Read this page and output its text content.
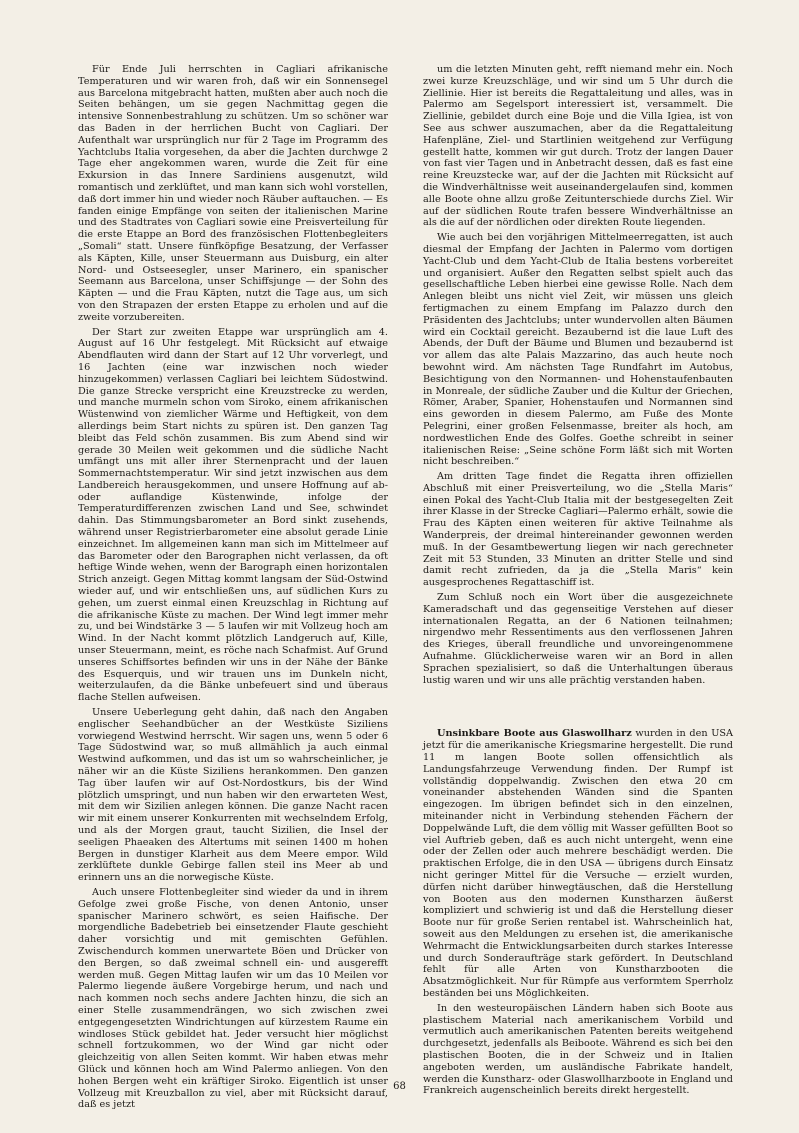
Für Ende Juli herrschten in Cagliari afrikanische Temperaturen und wir waren froh, daß wir ein Sonnensegel aus Barcelona mitgebracht hatten, mußten aber auch noch die Seiten behängen, um sie gegen Nachmittag gegen die intensive Sonnenbestrahlung zu schützen. Um so schöner war das Baden in der herrlichen Bucht von Cagliari. Der Aufenthalt war ursprünglich nur für 2 Tage im Programm des Yachtclubs Italia vorgesehen, da aber die Jachten durchwge 2 Tage eher angekommen waren, wurde die Zeit für eine Exkursion in das Innere Sardiniens ausgenutzt, wild romantisch und zerklüftet, und man kann sich wohl vorstellen, daß dort immer hin und wieder noch Räuber auftauchen. — Es fanden einige Empfänge von seiten der italienischen Marine und des Stadtrates von Cagliari sowie eine Preisverteilung für die erste Etappe an Bord des französischen Flottenbegleiters „Somali“ statt. Unsere fünfköpfige Besatzung, der Verfasser als Käpten, Kille, unser Steuermann aus Duisburg, ein alter Nord- und Ostseesegler, unser Marinero, ein spanischer Seemann aus Barcelona, unser Schiffsjunge — der Sohn des Käpten — und die Frau Käpten, nutzt die Tage aus, um sich von den Strapazen der ersten Etappe zu erholen und auf die zweite vorzubereiten.

Der Start zur zweiten Etappe war ursprünglich am 4. August auf 16 Uhr festgelegt. Mit Rücksicht auf etwaige Abendflauten wird dann der Start auf 12 Uhr vorverlegt, und 16 Jachten (eine war inzwischen noch wieder hinzugekommen) verlassen Cagliari bei leichtem Südostwind. Die ganze Strecke verspricht eine Kreuzstrecke zu werden, und manche murmeln schon vom Siroko, einem afrikanischen Wüstenwind von ziemlicher Wärme und Heftigkeit, von dem allerdings beim Start nichts zu spüren ist. Den ganzen Tag bleibt das Feld schön zusammen. Bis zum Abend sind wir gerade 30 Meilen weit gekommen und die südliche Nacht umfängt uns mit aller ihrer Sternenpracht und der lauen Sommernachtstemperatur. Wir sind jetzt inzwischen aus dem Landbereich herausgekommen, und unsere Hoffnung auf ab- oder auflandige Küstenwinde, infolge der Temperaturdifferenzen zwischen Land und See, schwindet dahin. Das Stimmungsbarometer an Bord sinkt zusehends, während unser Registrierbarometer eine absolut gerade Linie einzeichnet. Im allgemeinen kann man sich im Mittelmeer auf das Barometer oder den Barographen nicht verlassen, da oft heftige Winde wehen, wenn der Barograph einen horizontalen Strich anzeigt. Gegen Mittag kommt langsam der Süd-Ostwind wieder auf, und wir entschließen uns, auf südlichen Kurs zu gehen, um zuerst einmal einen Kreuzschlag in Richtung auf die afrikanische Küste zu machen. Der Wind legt immer mehr zu, und bei Windstärke 3 — 5 laufen wir mit Vollzeug hoch am Wind. In der Nacht kommt plötzlich Landgeruch auf, Kille, unser Steuermann, meint, es röche nach Schafmist. Auf Grund unseres Schiffsortes befinden wir uns in der Nähe der Bänke des Esquerquis, und wir trauen uns im Dunkeln nicht, weiterzulaufen, da die Bänke unbefeuert sind und überaus flache Stellen aufweisen.

Unsere Ueberlegung geht dahin, daß nach den Angaben englischer Seehandbücher an der Westküste Siziliens vorwiegend Westwind herrscht. Wir sagen uns, wenn 5 oder 6 Tage Südostwind war, so muß allmählich ja auch einmal Westwind aufkommen, und das ist um so wahrscheinlicher, je näher wir an die Küste Siziliens herankommen. Den ganzen Tag über laufen wir auf Ost-Nordostkurs, bis der Wind plötzlich umspringt, und nun haben wir den erwarteten West, mit dem wir Sizilien anlegen können. Die ganze Nacht racen wir mit einem unserer Konkurrenten mit wechselndem Erfolg, und als der Morgen graut, taucht Sizilien, die Insel der seeligen Phaeaken des Altertums mit seinen 1400 m hohen Bergen in dunstiger Klarheit aus dem Meere empor. Wild zerklüftete dunkle Gebirge fallen steil ins Meer ab und erinnern uns an die norwegische Küste.

Auch unsere Flottenbegleiter sind wieder da und in ihrem Gefolge zwei große Fische, von denen Antonio, unser spanischer Marinero schwört, es seien Haifische. Der morgendliche Badebetrieb bei einsetzender Flaute geschieht daher vorsichtig und mit gemischten Gefühlen. Zwischendurch kommen unerwartete Böen und Drücker von den Bergen, so daß zweimal schnell ein- und ausgerefft werden muß. Gegen Mittag laufen wir um das 10 Meilen vor Palermo liegende äußere Vorgebirge herum, und nach und nach kommen noch sechs andere Jachten hinzu, die sich an einer Stelle zusammendrängen, wo sich zwischen zwei entgegengesetzten Windrichtungen auf kürzestem Raume ein windloses Stück gebildet hat. Jeder versucht hier möglichst schnell fortzukommen, wo der Wind gar nicht oder gleichzeitig von allen Seiten kommt. Wir haben etwas mehr Glück und können hoch am Wind Palermo anliegen. Von den hohen Bergen weht ein kräftiger Siroko. Eigentlich ist unser Vollzeug mit Kreuzballon zu viel, aber mit Rücksicht darauf, daß es jetzt

um die letzten Minuten geht, refft niemand mehr ein. Noch zwei kurze Kreuzschläge, und wir sind um 5 Uhr durch die Ziellinie. Hier ist bereits die Regattaleitung und alles, was in Palermo am Segelsport interessiert ist, versammelt. Die Ziellinie, gebildet durch eine Boje und die Villa Igiea, ist von See aus schwer auszumachen, aber da die Regattaleitung Hafenpläne, Ziel- und Startlinien weitgehend zur Verfügung gestellt hatte, kommen wir gut durch. Trotz der langen Dauer von fast vier Tagen und in Anbetracht dessen, daß es fast eine reine Kreuzstecke war, auf der die Jachten mit Rücksicht auf die Windverhältnisse weit auseinandergelaufen sind, kommen alle Boote ohne allzu große Zeitunterschiede durchs Ziel. Wir auf der südlichen Route trafen bessere Windverhältnisse an als die auf der nördlichen oder direkten Route liegenden.

Wie auch bei den vorjährigen Mittelmeerregatten, ist auch diesmal der Empfang der Jachten in Palermo vom dortigen Yacht-Club und dem Yacht-Club de Italia bestens vorbereitet und organisiert. Außer den Regatten selbst spielt auch das gesellschaftliche Leben hierbei eine gewisse Rolle. Nach dem Anlegen bleibt uns nicht viel Zeit, wir müssen uns gleich fertigmachen zu einem Empfang im Palazzo durch den Präsidenten des Jachtclubs; unter wundervollen alten Bäumen wird ein Cocktail gereicht. Bezaubernd ist die laue Luft des Abends, der Duft der Bäume und Blumen und bezaubernd ist vor allem das alte Palais Mazzarino, das auch heute noch bewohnt wird. Am nächsten Tage Rundfahrt im Autobus, Besichtigung von den Normannen- und Hohenstaufenbauten in Monreale, der südliche Zauber und die Kultur der Griechen, Römer, Araber, Spanier, Hohenstaufen und Normannen sind eins geworden in diesem Palermo, am Fuße des Monte Pelegrini, einer großen Felsenmasse, breiter als hoch, am nordwestlichen Ende des Golfes. Goethe schreibt in seiner italienischen Reise: „Seine schöne Form läßt sich mit Worten nicht beschreiben.“

Am dritten Tage findet die Regatta ihren offiziellen Abschluß mit einer Preisverteilung, wo die „Stella Maris“ einen Pokal des Yacht-Club Italia mit der bestgesegelten Zeit ihrer Klasse in der Strecke Cagliari—Palermo erhält, sowie die Frau des Käpten einen weiteren für aktive Teilnahme als Wanderpreis, der dreimal hintereinander gewonnen werden muß. In der Gesamtbewertung liegen wir nach gerechneter Zeit mit 53 Stunden, 33 Minuten an dritter Stelle und sind damit recht zufrieden, da ja die „Stella Maris“ kein ausgesprochenes Regattaschiff ist.

Zum Schluß noch ein Wort über die ausgezeichnete Kameradschaft und das gegenseitige Verstehen auf dieser internationalen Regatta, an der 6 Nationen teilnahmen; nirgendwo mehr Ressentiments aus den verflossenen Jahren des Krieges, überall freundliche und unvoreingenommene Aufnahme. Glücklicherweise waren wir an Bord in allen Sprachen spezialisiert, so daß die Unterhaltungen überaus lustig waren und wir uns alle prächtig verstanden haben.

Unsinkbare Boote aus Glaswollharz wurden in den USA jetzt für die amerikanische Kriegsmarine hergestellt. Die rund 11 m langen Boote sollen offensichtlich als Landungsfahrzeuge Verwendung finden. Der Rumpf ist vollständig doppelwandig. Zwischen den etwa 20 cm voneinander abstehenden Wänden sind die Spanten eingezogen. Im übrigen befindet sich in den einzelnen, miteinander nicht in Verbindung stehenden Fächern der Doppelwände Luft, die dem völlig mit Wasser gefüllten Boot so viel Auftrieb geben, daß es auch nicht untergeht, wenn eine oder der Zellen oder auch mehrere beschädigt werden. Die praktischen Erfolge, die in den USA — übrigens durch Einsatz nicht geringer Mittel für die Versuche — erzielt wurden, dürfen nicht darüber hinwegtäuschen, daß die Herstellung von Booten aus den modernen Kunstharzen äußerst kompliziert und schwierig ist und daß die Herstellung dieser Boote nur für große Serien rentabel ist. Wahrscheinlich hat, soweit aus den Meldungen zu ersehen ist, die amerikanische Wehrmacht die Entwicklungsarbeiten durch starkes Interesse und durch Sonderaufträge stark gefördert. In Deutschland fehlt für alle Arten von Kunstharzbooten die Absatzmöglichkeit. Nur für Rümpfe aus verformtem Sperrholz beständen bei uns Möglichkeiten.

In den westeuropäischen Ländern haben sich Boote aus plastischem Material nach amerikanischem Vorbild und vermutlich auch amerikanischen Patenten bereits weitgehend durchgesetzt, jedenfalls als Beiboote. Während es sich bei den plastischen Booten, die in der Schweiz und in Italien angeboten werden, um ausländische Fabrikate handelt, werden die Kunstharz- oder Glaswollharzboote in England und Frankreich augenscheinlich bereits direkt hergestellt.

68
